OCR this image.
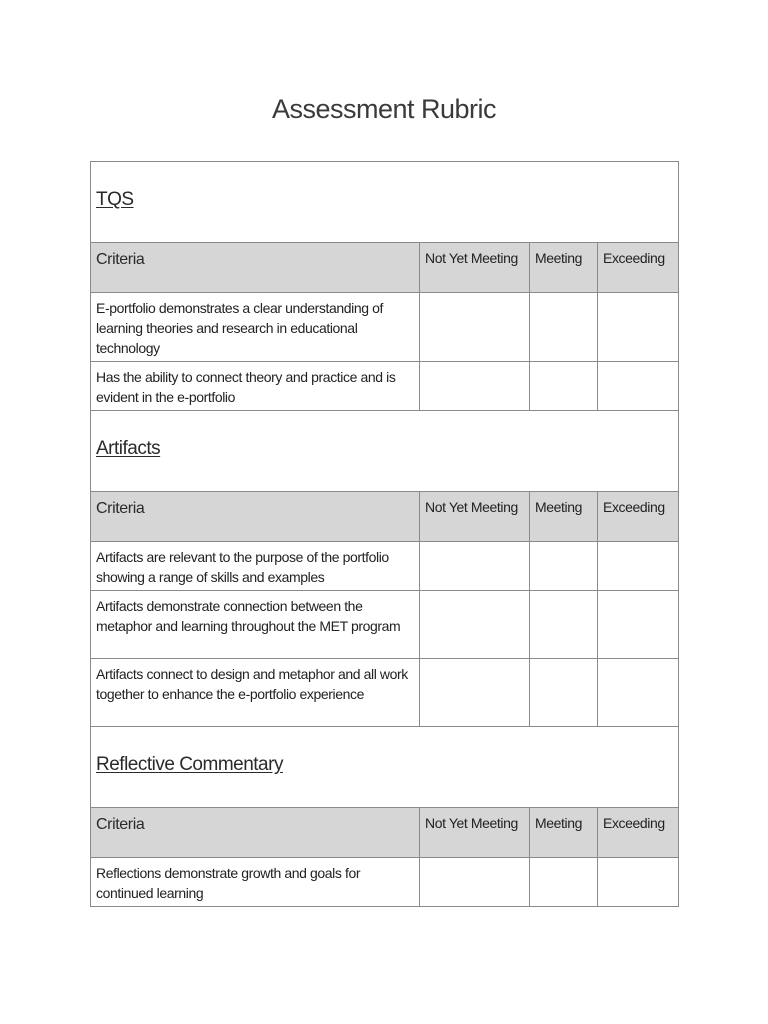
Assessment Rubric
TQS			

Criteria	Not Yet Meeting	Meeting	Exceeding

E-portfolio demonstrates a clear understanding of learning theories and research in educational technology			

Has the ability to connect theory and practice and is evident in the e-portfolio			

Artifacts			

Criteria	Not Yet Meeting	Meeting	Exceeding

Artifacts are relevant to the purpose of the portfolio showing a range of skills and examples			

Artifacts demonstrate connection between the metaphor and learning throughout the MET program			

Artifacts connect to design and metaphor and all work together to enhance the e-portfolio experience			

Reflective Commentary			

Criteria	Not Yet Meeting	Meeting	Exceeding

Reflections demonstrate growth and goals for continued learning			
